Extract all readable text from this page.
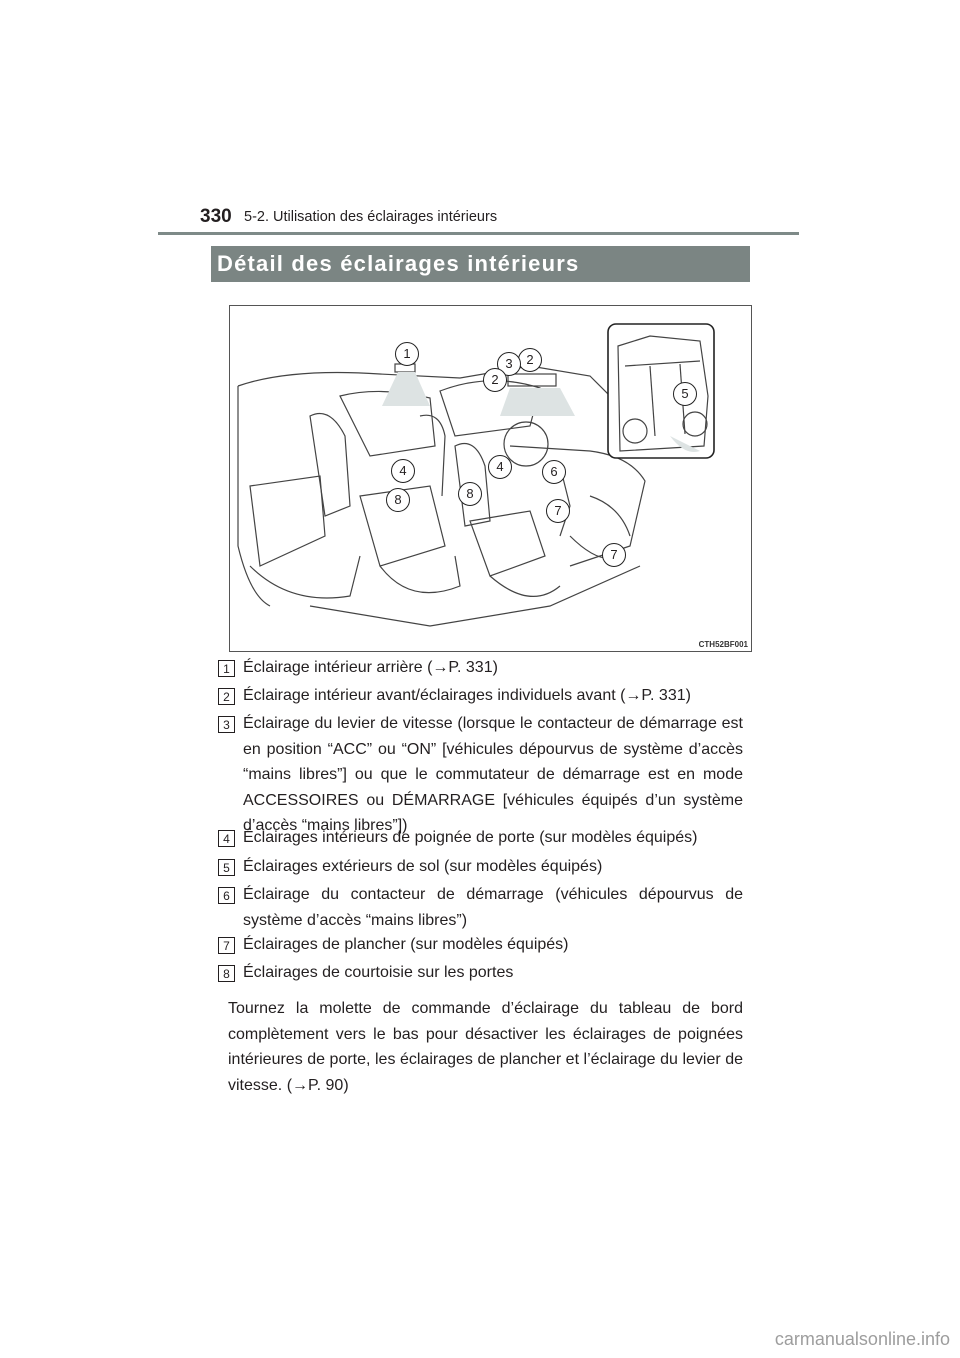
330 5-2. Utilisation des éclairages intérieurs
Détail des éclairages intérieurs
1	2
3
2
4	4	6
8	8
7
7
5
CTH52BF001
1 Éclairage intérieur arrière (→P. 331)
2 Éclairage intérieur avant/éclairages individuels avant (→P. 331)
3 Éclairage du levier de vitesse (lorsque le contacteur de démarrage est en position “ACC” ou “ON” [véhicules dépourvus de système d’accès “mains libres”] ou que le commutateur de démarrage est en mode ACCESSOIRES ou DÉMARRAGE [véhicules équipés d’un système d’accès “mains libres”])
4 Éclairages intérieurs de poignée de porte (sur modèles équipés)
5 Éclairages extérieurs de sol (sur modèles équipés)
6 Éclairage du contacteur de démarrage (véhicules dépourvus de système d’accès “mains libres”)
7 Éclairages de plancher (sur modèles équipés)
8 Éclairages de courtoisie sur les portes
Tournez la molette de commande d’éclairage du tableau de bord complètement vers le bas pour désactiver les éclairages de poignées intérieures de porte, les éclairages de plancher et l’éclairage du levier de vitesse. (→P. 90)
carmanualsonline.info
